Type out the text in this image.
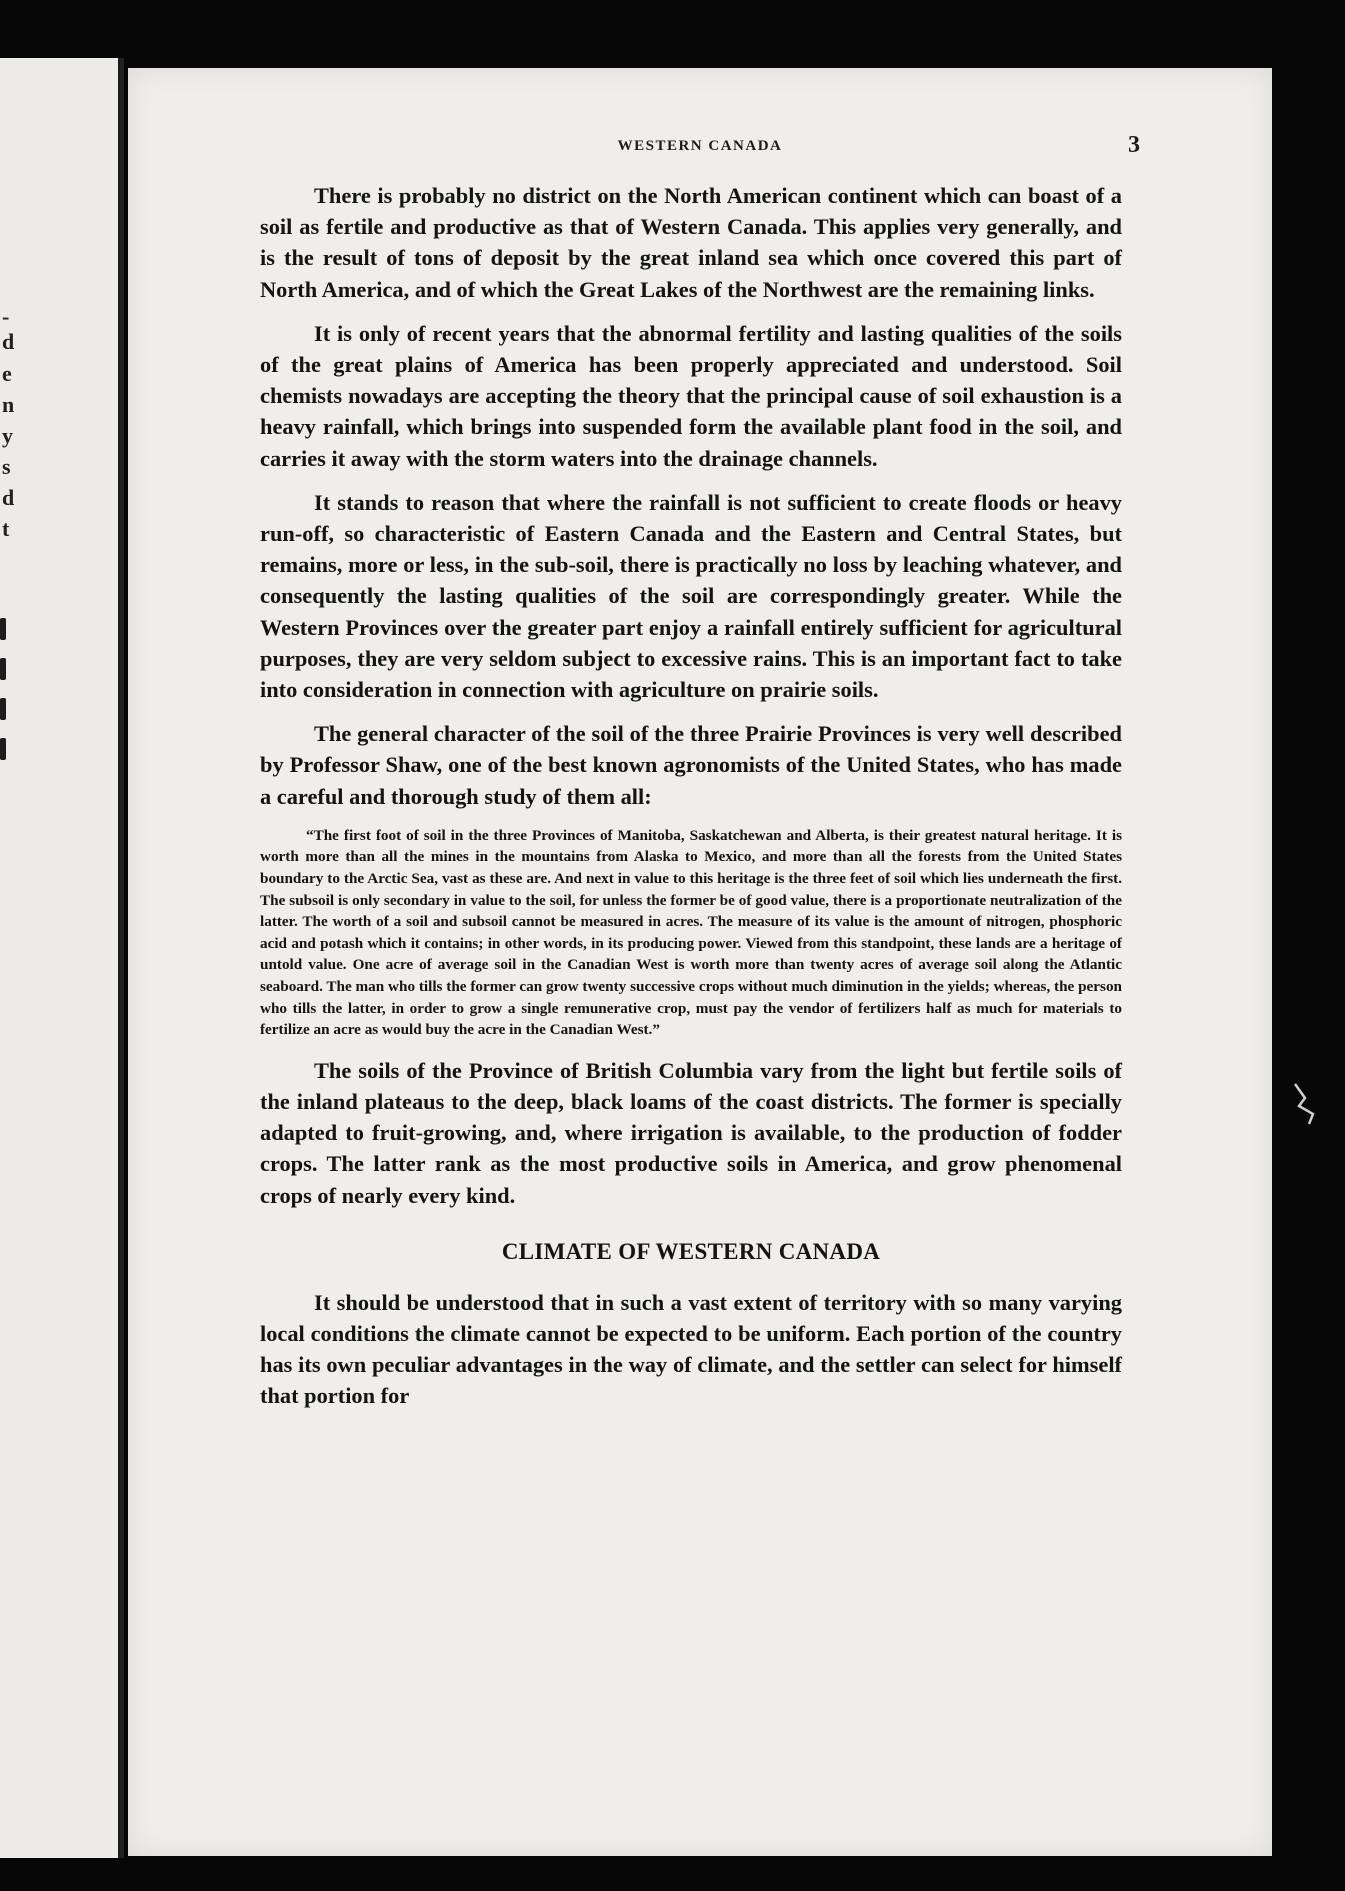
-
d
e
n
y
s
d
t
WESTERN CANADA	3

There is probably no district on the North American continent which can boast of a soil as fertile and productive as that of Western Canada. This applies very generally, and is the result of tons of deposit by the great inland sea which once covered this part of North America, and of which the Great Lakes of the Northwest are the remaining links.

It is only of recent years that the abnormal fertility and lasting qualities of the soils of the great plains of America has been properly appreciated and understood. Soil chemists nowadays are accepting the theory that the principal cause of soil exhaustion is a heavy rainfall, which brings into suspended form the available plant food in the soil, and carries it away with the storm waters into the drainage channels.

It stands to reason that where the rainfall is not sufficient to create floods or heavy run-off, so characteristic of Eastern Canada and the Eastern and Central States, but remains, more or less, in the sub-soil, there is practically no loss by leaching whatever, and consequently the lasting qualities of the soil are correspondingly greater. While the Western Provinces over the greater part enjoy a rainfall entirely sufficient for agricultural purposes, they are very seldom subject to excessive rains. This is an important fact to take into consideration in connection with agriculture on prairie soils.

The general character of the soil of the three Prairie Provinces is very well described by Professor Shaw, one of the best known agronomists of the United States, who has made a careful and thorough study of them all:

“The first foot of soil in the three Provinces of Manitoba, Saskatchewan and Alberta, is their greatest natural heritage. It is worth more than all the mines in the mountains from Alaska to Mexico, and more than all the forests from the United States boundary to the Arctic Sea, vast as these are. And next in value to this heritage is the three feet of soil which lies underneath the first. The subsoil is only secondary in value to the soil, for unless the former be of good value, there is a proportionate neutralization of the latter. The worth of a soil and subsoil cannot be measured in acres. The measure of its value is the amount of nitrogen, phosphoric acid and potash which it contains; in other words, in its producing power. Viewed from this standpoint, these lands are a heritage of untold value. One acre of average soil in the Canadian West is worth more than twenty acres of average soil along the Atlantic seaboard. The man who tills the former can grow twenty successive crops without much diminution in the yields; whereas, the person who tills the latter, in order to grow a single remunerative crop, must pay the vendor of fertilizers half as much for materials to fertilize an acre as would buy the acre in the Canadian West.”

The soils of the Province of British Columbia vary from the light but fertile soils of the inland plateaus to the deep, black loams of the coast districts. The former is specially adapted to fruit-growing, and, where irrigation is available, to the production of fodder crops. The latter rank as the most productive soils in America, and grow phenomenal crops of nearly every kind.

CLIMATE OF WESTERN CANADA

It should be understood that in such a vast extent of territory with so many varying local conditions the climate cannot be expected to be uniform. Each portion of the country has its own peculiar advantages in the way of climate, and the settler can select for himself that portion for
